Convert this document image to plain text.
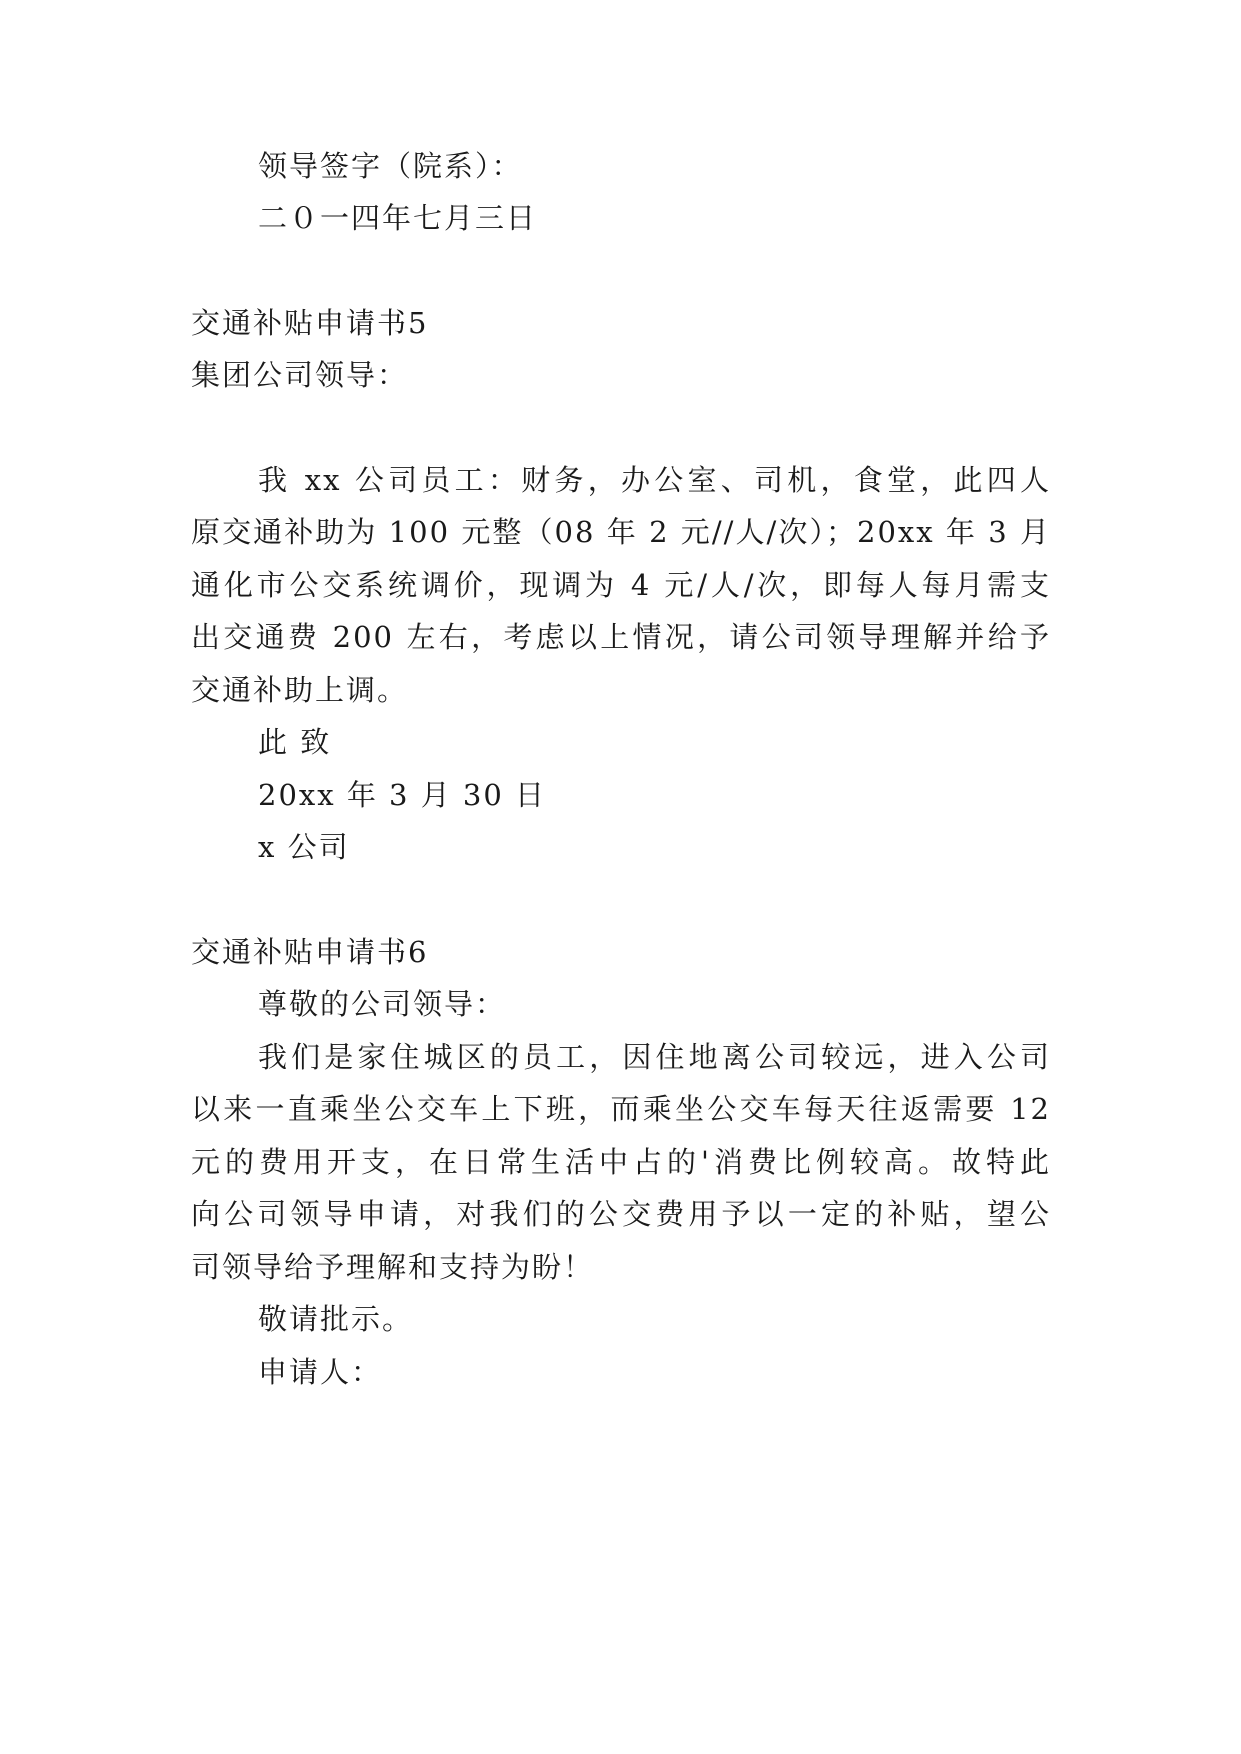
领导签字（院系）：
二０一四年七月三日
交通补贴申请书5
集团公司领导：
我 xx 公司员工：财务，办公室、司机，食堂，此四人
原交通补助为 100 元整（08 年 2 元//人/次）；20xx 年 3 月
通化市公交系统调价，现调为 4 元/人/次，即每人每月需支
出交通费 200 左右，考虑以上情况，请公司领导理解并给予
交通补助上调。
此 致
20xx 年 3 月 30 日
x 公司
交通补贴申请书6
尊敬的公司领导：
我们是家住城区的员工，因住地离公司较远，进入公司
以来一直乘坐公交车上下班，而乘坐公交车每天往返需要 12
元的费用开支，在日常生活中占的'消费比例较高。故特此
向公司领导申请，对我们的公交费用予以一定的补贴，望公
司领导给予理解和支持为盼！
敬请批示。
申请人：
